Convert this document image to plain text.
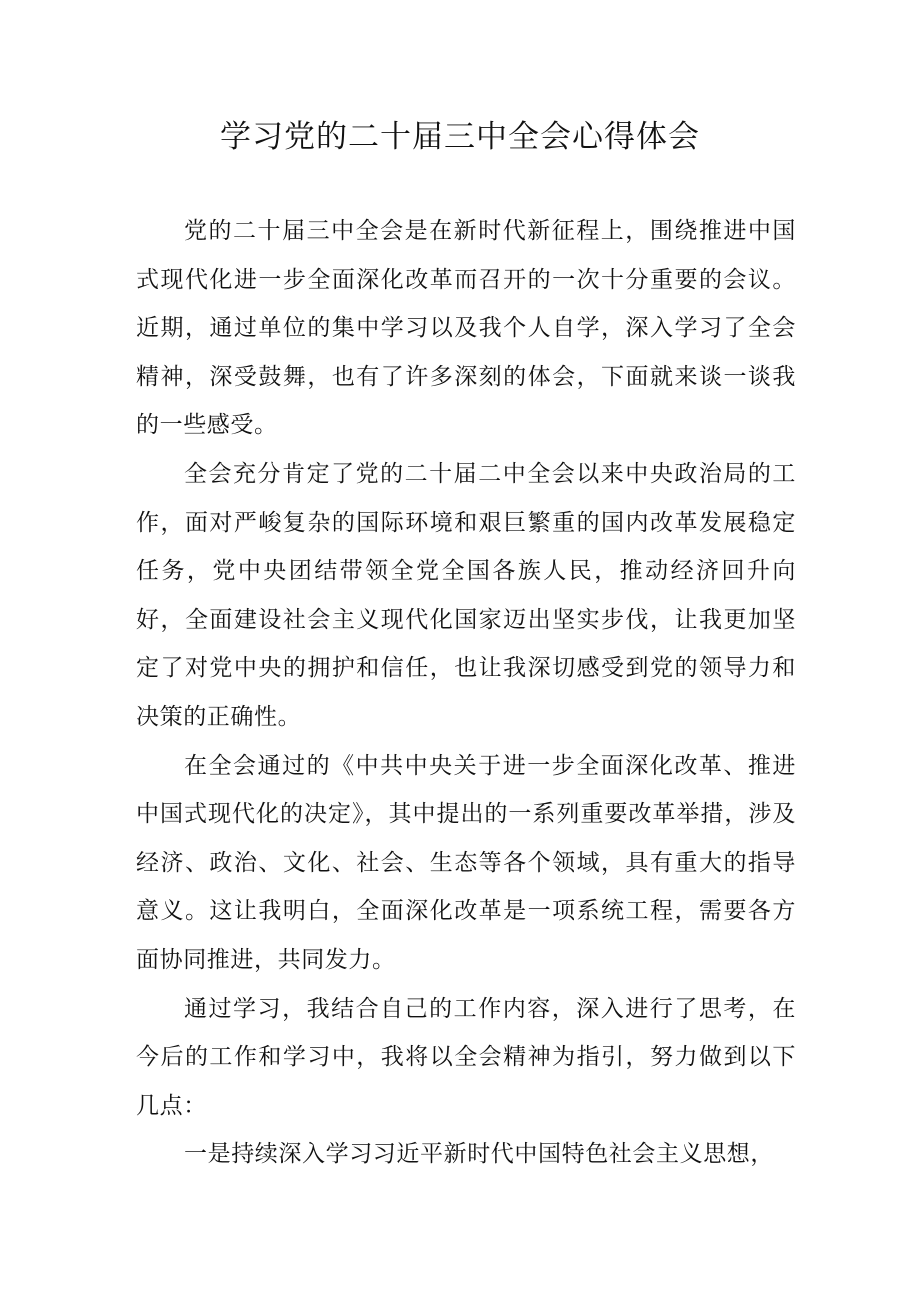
学习党的二十届三中全会心得体会

党的二十届三中全会是在新时代新征程上，围绕推进中国式现代化进一步全面深化改革而召开的一次十分重要的会议。近期，通过单位的集中学习以及我个人自学，深入学习了全会精神，深受鼓舞，也有了许多深刻的体会，下面就来谈一谈我的一些感受。

全会充分肯定了党的二十届二中全会以来中央政治局的工作，面对严峻复杂的国际环境和艰巨繁重的国内改革发展稳定任务，党中央团结带领全党全国各族人民，推动经济回升向好，全面建设社会主义现代化国家迈出坚实步伐，让我更加坚定了对党中央的拥护和信任，也让我深切感受到党的领导力和决策的正确性。

在全会通过的《中共中央关于进一步全面深化改革、推进中国式现代化的决定》，其中提出的一系列重要改革举措，涉及经济、政治、文化、社会、生态等各个领域，具有重大的指导意义。这让我明白，全面深化改革是一项系统工程，需要各方面协同推进，共同发力。

通过学习，我结合自己的工作内容，深入进行了思考，在今后的工作和学习中，我将以全会精神为指引，努力做到以下几点：

一是持续深入学习习近平新时代中国特色社会主义思想，
